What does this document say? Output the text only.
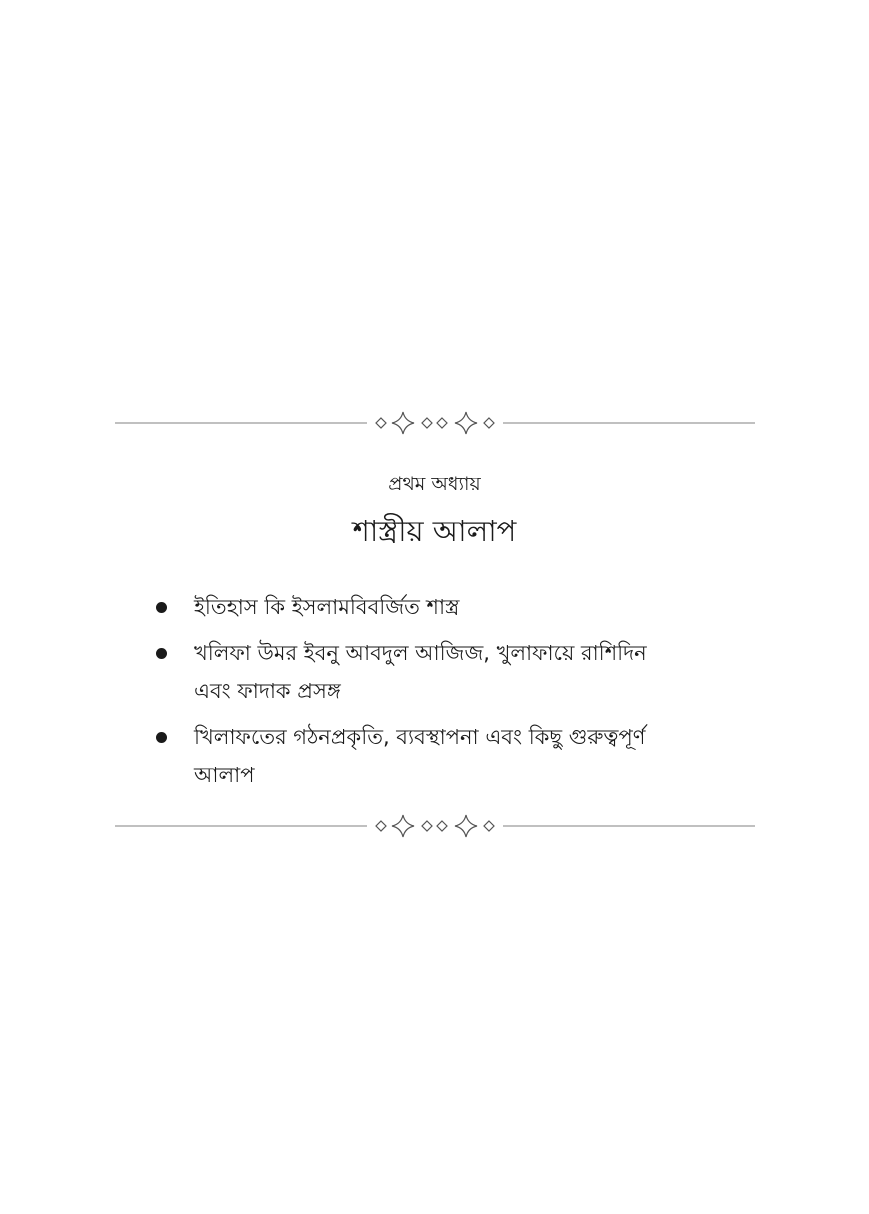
প্রথম অধ্যায়
শাস্ত্রীয় আলাপ
ইতিহাস কি ইসলামবিবর্জিত শাস্ত্র
খলিফা উমর ইবনু আবদুল আজিজ, খুলাফায়ে রাশিদিন এবং ফাদাক প্রসঙ্গ
খিলাফতের গঠনপ্রকৃতি, ব্যবস্থাপনা এবং কিছু গুরুত্বপূর্ণ আলাপ
